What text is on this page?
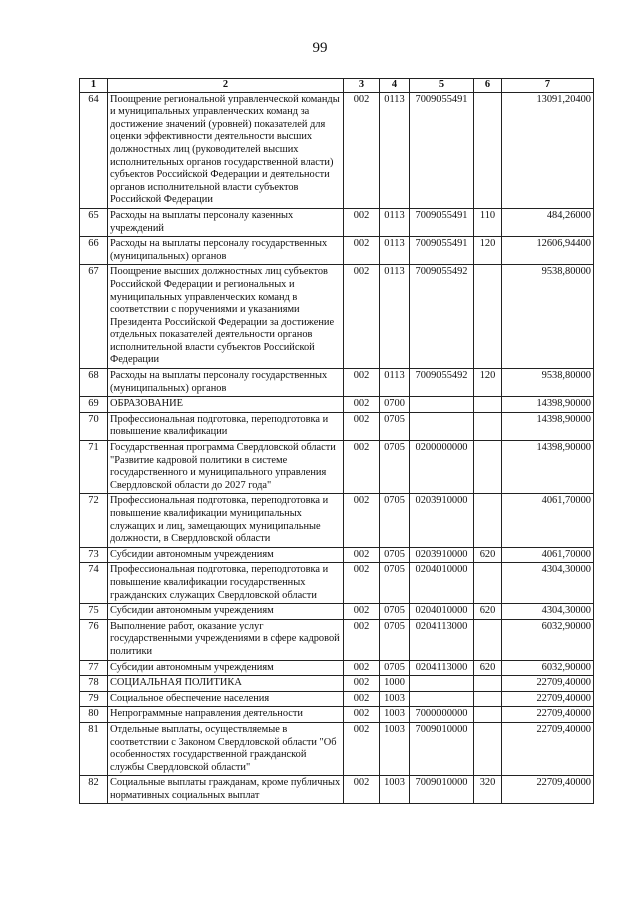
99
1	2	3	4	5	6	7
64	Поощрение региональной управленческой команды и муниципальных управленческих команд за достижение значений (уровней) показателей для оценки эффективности деятельности высших должностных лиц (руководителей высших исполнительных органов государственной власти) субъектов Российской Федерации и деятельности органов исполнительной власти субъектов Российской Федерации	002	0113	7009055491		13091,20400
65	Расходы на выплаты персоналу казенных учреждений	002	0113	7009055491	110	484,26000
66	Расходы на выплаты персоналу государственных (муниципальных) органов	002	0113	7009055491	120	12606,94400
67	Поощрение высших должностных лиц субъектов Российской Федерации и региональных и муниципальных управленческих команд в соответствии с поручениями и указаниями Президента Российской Федерации за достижение отдельных показателей деятельности органов исполнительной власти субъектов Российской Федерации	002	0113	7009055492		9538,80000
68	Расходы на выплаты персоналу государственных (муниципальных) органов	002	0113	7009055492	120	9538,80000
69	ОБРАЗОВАНИЕ	002	0700			14398,90000
70	Профессиональная подготовка, переподготовка и повышение квалификации	002	0705			14398,90000
71	Государственная программа Свердловской области "Развитие кадровой политики в системе государственного и муниципального управления Свердловской области до 2027 года"	002	0705	0200000000		14398,90000
72	Профессиональная подготовка, переподготовка и повышение квалификации муниципальных служащих и лиц, замещающих муниципальные должности, в Свердловской области	002	0705	0203910000		4061,70000
73	Субсидии автономным учреждениям	002	0705	0203910000	620	4061,70000
74	Профессиональная подготовка, переподготовка и повышение квалификации государственных гражданских служащих Свердловской области	002	0705	0204010000		4304,30000
75	Субсидии автономным учреждениям	002	0705	0204010000	620	4304,30000
76	Выполнение работ, оказание услуг государственными учреждениями в сфере кадровой политики	002	0705	0204113000		6032,90000
77	Субсидии автономным учреждениям	002	0705	0204113000	620	6032,90000
78	СОЦИАЛЬНАЯ ПОЛИТИКА	002	1000			22709,40000
79	Социальное обеспечение населения	002	1003			22709,40000
80	Непрограммные направления деятельности	002	1003	7000000000		22709,40000
81	Отдельные выплаты, осуществляемые в соответствии с Законом Свердловской области "Об особенностях государственной гражданской службы Свердловской области"	002	1003	7009010000		22709,40000
82	Социальные выплаты гражданам, кроме публичных нормативных социальных выплат	002	1003	7009010000	320	22709,40000
